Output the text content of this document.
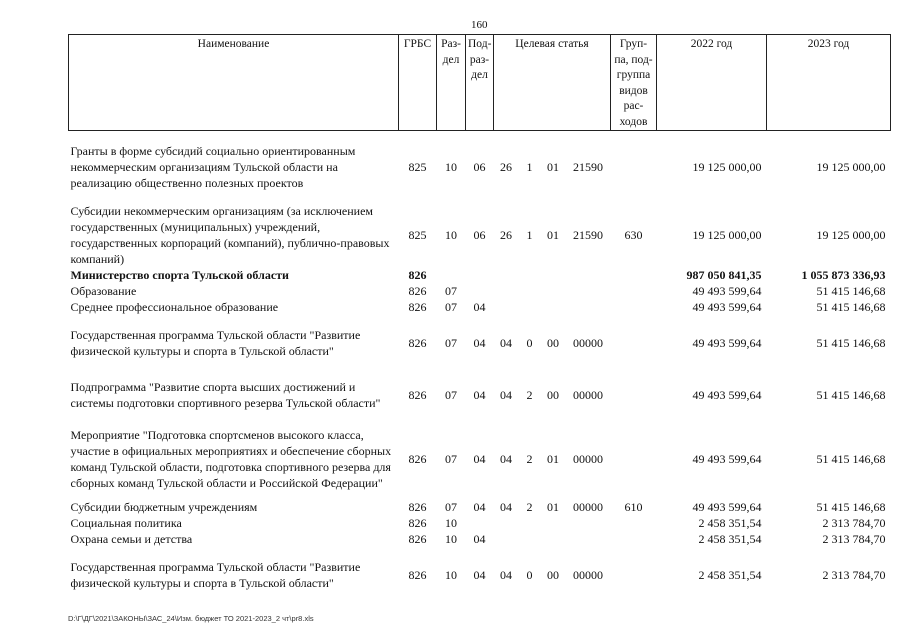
160
Наименование	ГРБС	Раз- дел	Под- раз- дел	Целевая статья				Груп- па, под- группа видов рас- ходов	2022 год	2023 год

Гранты в форме субсидий социально ориентированным некоммерческим организациям Тульской области на реализацию общественно полезных проектов	825	10	06	26	1	01	21590		19 125 000,00	19 125 000,00

Субсидии некоммерческим организациям (за исключением государственных (муниципальных) учреждений, государственных корпораций (компаний), публично-правовых компаний)	825	10	06	26	1	01	21590	630	19 125 000,00	19 125 000,00
Министерство спорта Тульской области	826								987 050 841,35	1 055 873 336,93
Образование	826	07							49 493 599,64	51 415 146,68
Среднее профессиональное образование	826	07	04						49 493 599,64	51 415 146,68

Государственная программа Тульской области "Развитие физической культуры и спорта в Тульской области"	826	07	04	04	0	00	00000		49 493 599,64	51 415 146,68

Подпрограмма "Развитие спорта высших достижений и системы подготовки спортивного резерва Тульской области"	826	07	04	04	2	00	00000		49 493 599,64	51 415 146,68
Мероприятие "Подготовка спортсменов высокого класса, участие в официальных мероприятиях и обеспечение сборных команд Тульской области, подготовка спортивного резерва для сборных команд Тульской области и Российской Федерации"	826	07	04	04	2	01	00000		49 493 599,64	51 415 146,68
Субсидии бюджетным учреждениям	826	07	04	04	2	01	00000	610	49 493 599,64	51 415 146,68
Социальная политика	826	10							2 458 351,54	2 313 784,70
Охрана семьи и детства	826	10	04						2 458 351,54	2 313 784,70

Государственная программа Тульской области "Развитие физической культуры и спорта в Тульской области"	826	10	04	04	0	00	00000		2 458 351,54	2 313 784,70
D:\Г\ДГ\2021\ЗАКОНЫ\ЗАС_24\Изм. бюджет ТО 2021-2023_2 чт\pr8.xls
